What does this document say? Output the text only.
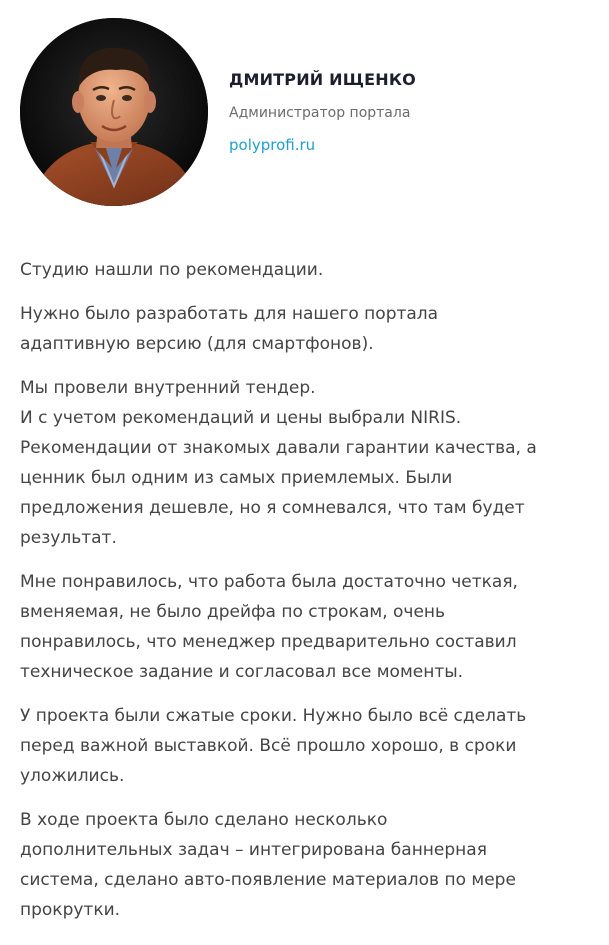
ДМИТРИЙ ИЩЕНКО
Администратор портала
polyprofi.ru

Студию нашли по рекомендации.

Нужно было разработать для нашего портала
адаптивную версию (для смартфонов).

Мы провели внутренний тендер.
И с учетом рекомендаций и цены выбрали NIRIS.
Рекомендации от знакомых давали гарантии качества, а
ценник был одним из самых приемлемых. Были
предложения дешевле, но я сомневался, что там будет
результат.

Мне понравилось, что работа была достаточно четкая,
вменяемая, не было дрейфа по строкам, очень
понравилось, что менеджер предварительно составил
техническое задание и согласовал все моменты.

У проекта были сжатые сроки. Нужно было всё сделать
перед важной выставкой. Всё прошло хорошо, в сроки
уложились.

В ходе проекта было сделано несколько
дополнительных задач – интегрирована баннерная
система, сделано авто-появление материалов по мере
прокрутки.
